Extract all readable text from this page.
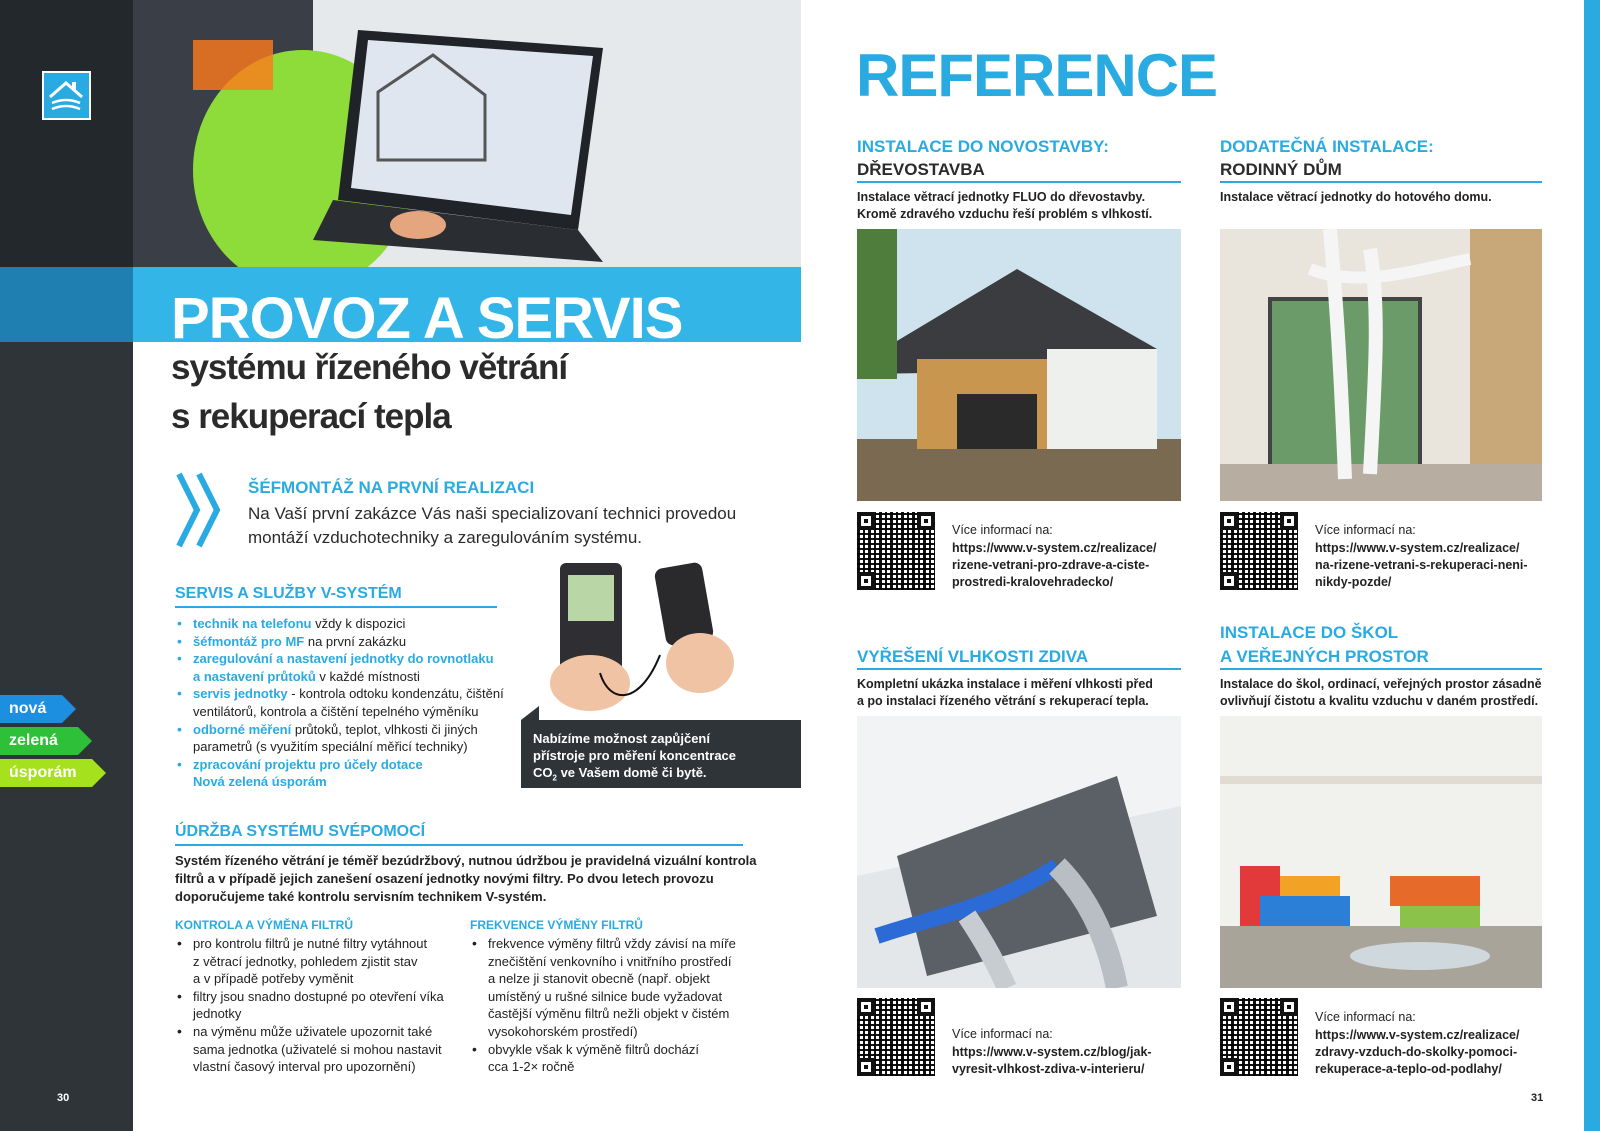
PROVOZ A SERVIS
systému řízeného větrání
s rekuperací tepla
ŠÉFMONTÁŽ NA PRVNÍ REALIZACI
Na Vaší první zakázce Vás naši specializovaní technici provedou
montáží vzduchotechniky a zaregulováním systému.
SERVIS A SLUŽBY V-SYSTÉM
• technik na telefonu vždy k dispozici
• šéfmontáž pro MF na první zakázku
• zaregulování a nastavení jednotky do rovnotlaku
a nastavení průtoků v každé místnosti
• servis jednotky - kontrola odtoku kondenzátu, čištění
ventilátorů, kontrola a čištění tepelného výměníku
• odborné měření průtoků, teplot, vlhkosti či jiných
parametrů (s využitím speciální měřicí techniky)
• zpracování projektu pro účely dotace
Nová zelená úsporám
Nabízíme možnost zapůjčení
přístroje pro měření koncentrace
$CO_2$ ve Vašem domě či bytě.
nová
zelená
úsporám
ÚDRŽBA SYSTÉMU SVÉPOMOCÍ
Systém řízeného větrání je téměř bezúdržbový, nutnou údržbou je pravidelná vizuální kontrola
filtrů a v případě jejich zanešení osazení jednotky novými filtry. Po dvou letech provozu
doporučujeme také kontrolu servisním technikem V-systém.
KONTROLA A VÝMĚNA FILTRŮ
• pro kontrolu filtrů je nutné filtry vytáhnout
z větrací jednotky, pohledem zjistit stav
a v případě potřeby vyměnit
• filtry jsou snadno dostupné po otevření víka
jednotky
• na výměnu může uživatele upozornit také
sama jednotka (uživatelé si mohou nastavit
vlastní časový interval pro upozornění)
FREKVENCE VÝMĚNY FILTRŮ
• frekvence výměny filtrů vždy závisí na míře
znečištění venkovního i vnitřního prostředí
a nelze ji stanovit obecně (např. objekt
umístěný u rušné silnice bude vyžadovat
častější výměnu filtrů nežli objekt v čistém
vysokohorském prostředí)
• obvykle však k výměně filtrů dochází
cca 1-2× ročně
30
REFERENCE
INSTALACE DO NOVOSTAVBY:
DŘEVOSTAVBA
Instalace větrací jednotky FLUO do dřevostavby.
Kromě zdravého vzduchu řeší problém s vlhkostí.
Více informací na:
https://www.v-system.cz/realizace/
rizene-vetrani-pro-zdrave-a-ciste-
prostredi-kralovehradecko/
DODATEČNÁ INSTALACE:
RODINNÝ DŮM
Instalace větrací jednotky do hotového domu.
Více informací na:
https://www.v-system.cz/realizace/
na-rizene-vetrani-s-rekuperaci-neni-
nikdy-pozde/
VYŘEŠENÍ VLHKOSTI ZDIVA
Kompletní ukázka instalace i měření vlhkosti před
a po instalaci řízeného větrání s rekuperací tepla.
Více informací na:
https://www.v-system.cz/blog/jak-
vyresit-vlhkost-zdiva-v-interieru/
INSTALACE DO ŠKOL
A VEŘEJNÝCH PROSTOR
Instalace do škol, ordinací, veřejných prostor zásadně
ovlivňují čistotu a kvalitu vzduchu v daném prostředí.
Více informací na:
https://www.v-system.cz/realizace/
zdravy-vzduch-do-skolky-pomoci-
rekuperace-a-teplo-od-podlahy/
31
